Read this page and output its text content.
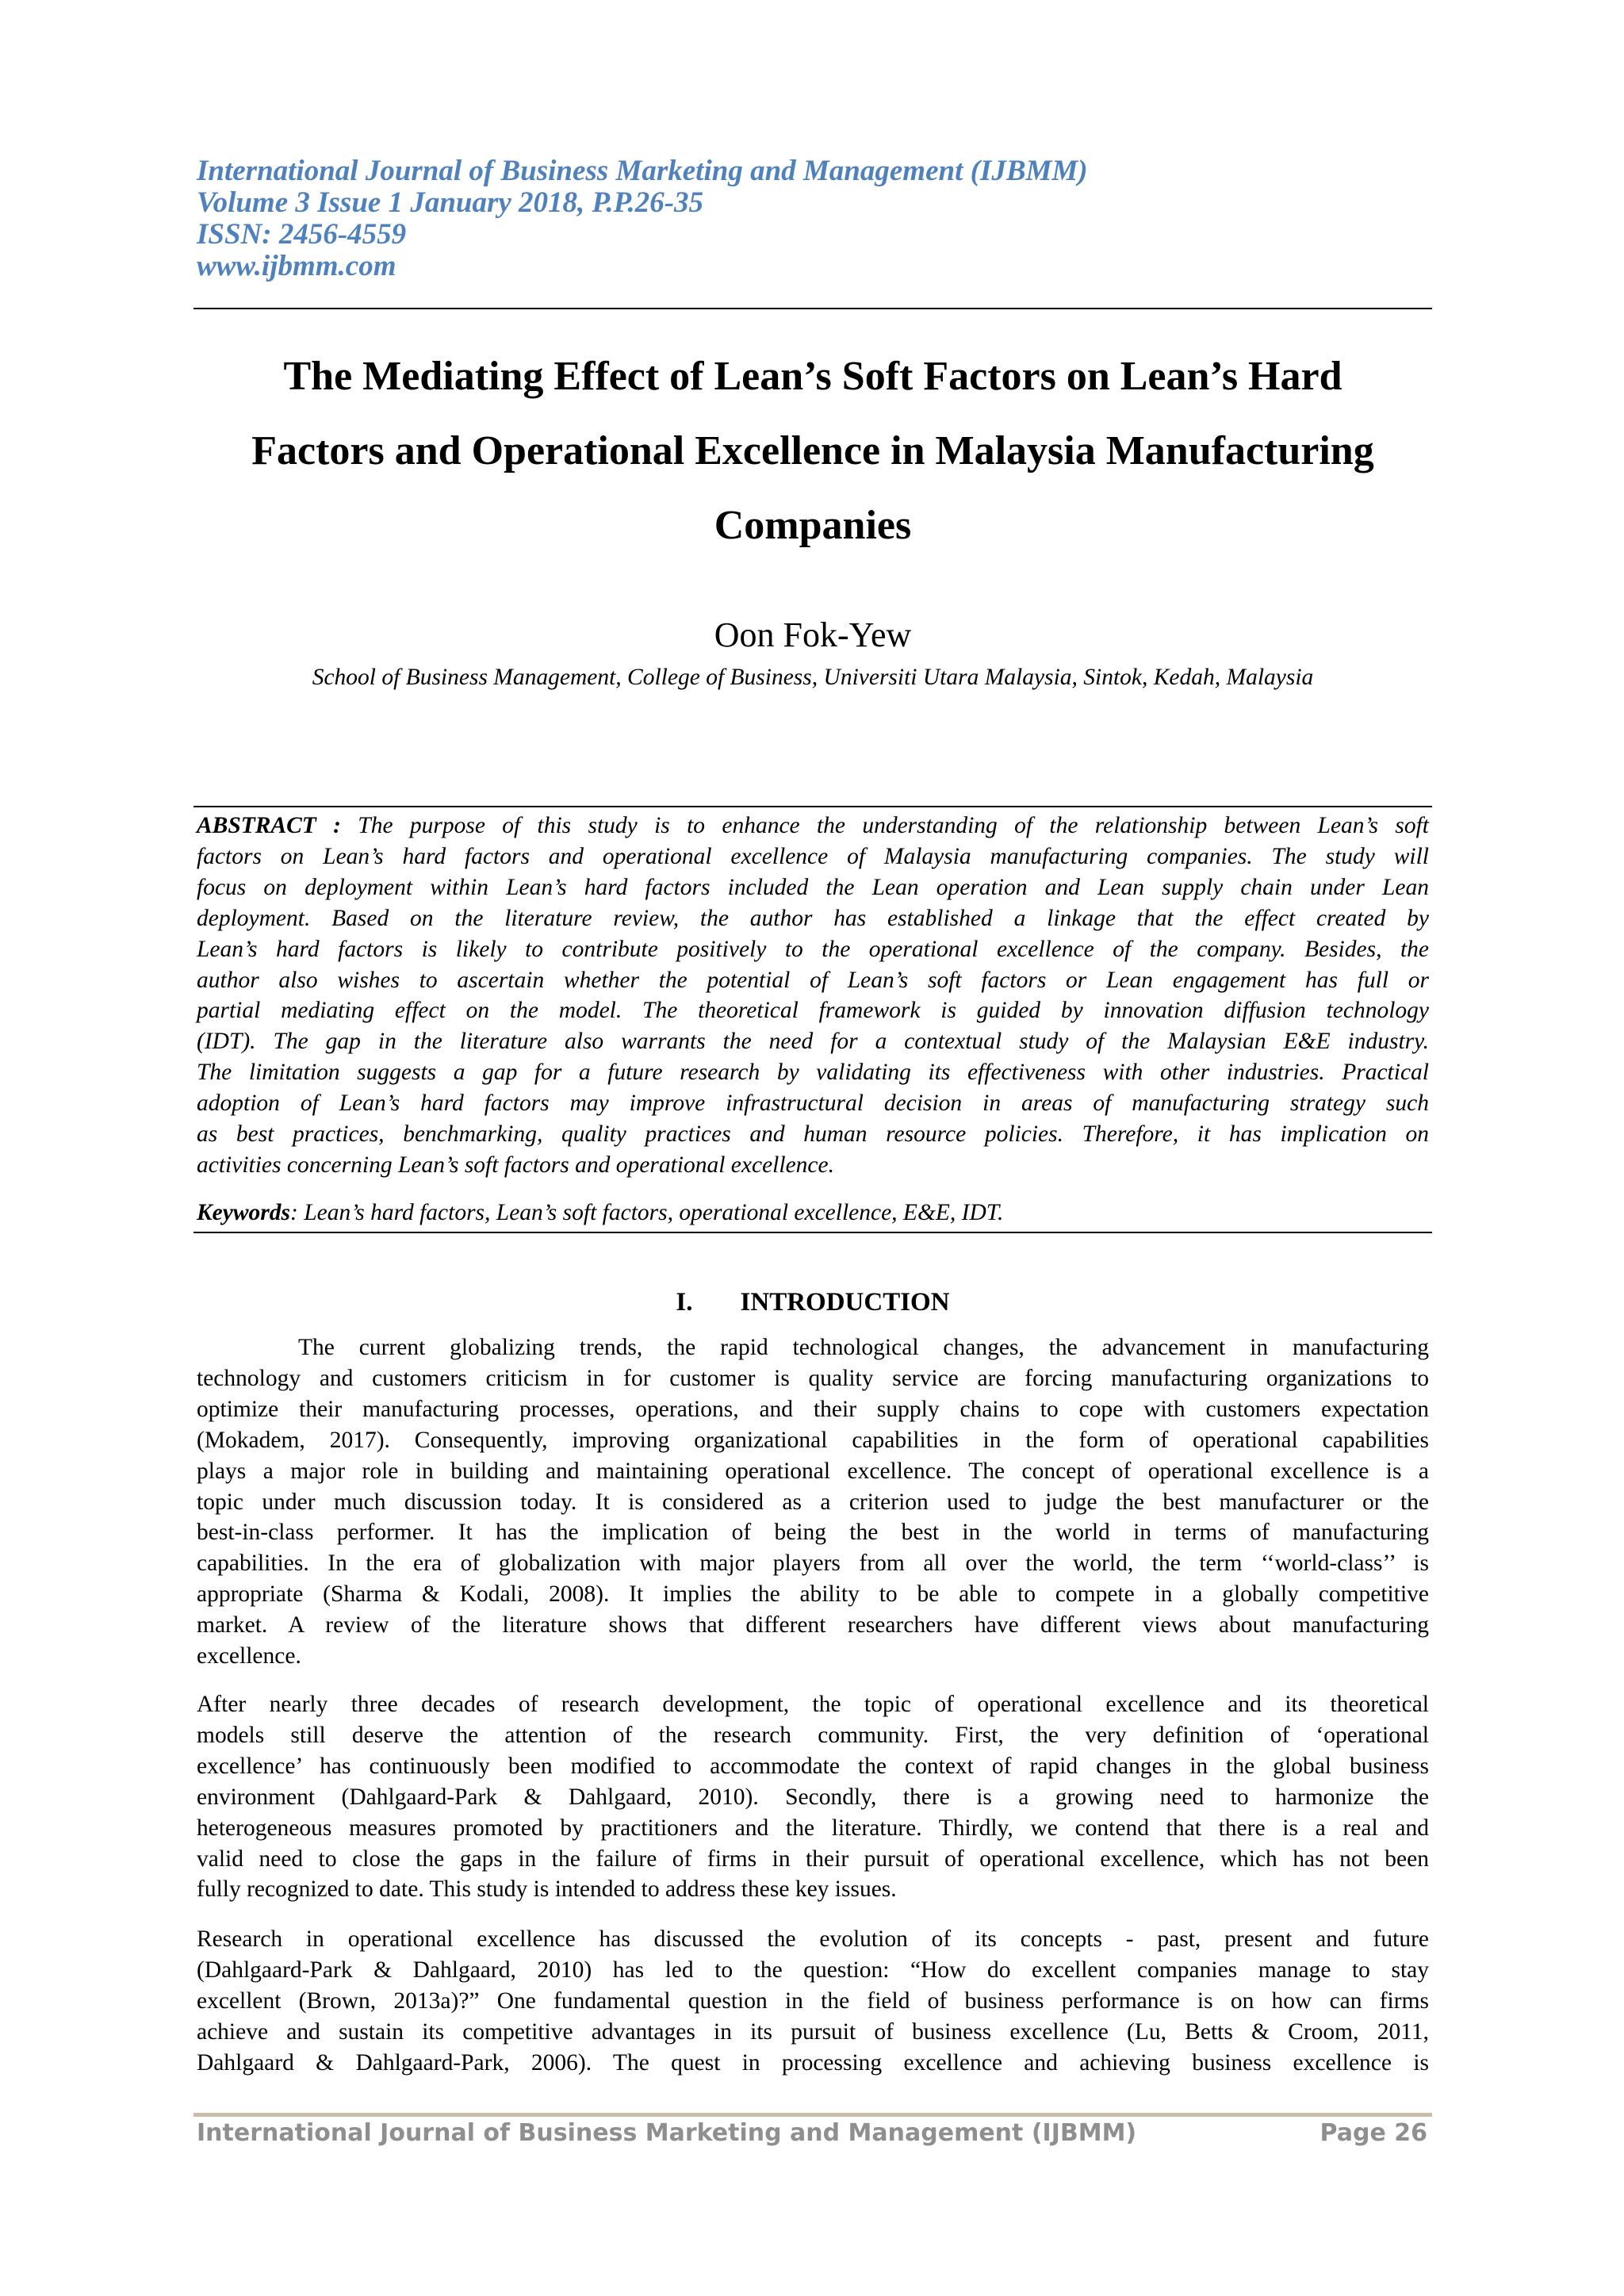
International Journal of Business Marketing and Management (IJBMM)
Volume 3 Issue 1 January 2018, P.P.26-35
ISSN: 2456-4559
www.ijbmm.com
The Mediating Effect of Lean’s Soft Factors on Lean’s Hard
Factors and Operational Excellence in Malaysia Manufacturing
Companies
Oon Fok-Yew
School of Business Management, College of Business, Universiti Utara Malaysia, Sintok, Kedah, Malaysia
ABSTRACT : The purpose of this study is to enhance the understanding of the relationship between Lean’s soft
factors on Lean’s hard factors and operational excellence of Malaysia manufacturing companies. The study will
focus on deployment within Lean’s hard factors included the Lean operation and Lean supply chain under Lean
deployment. Based on the literature review, the author has established a linkage that the effect created by
Lean’s hard factors is likely to contribute positively to the operational excellence of the company. Besides, the
author also wishes to ascertain whether the potential of Lean’s soft factors or Lean engagement has full or
partial mediating effect on the model. The theoretical framework is guided by innovation diffusion technology
(IDT). The gap in the literature also warrants the need for a contextual study of the Malaysian E&E industry.
The limitation suggests a gap for a future research by validating its effectiveness with other industries. Practical
adoption of Lean’s hard factors may improve infrastructural decision in areas of manufacturing strategy such
as best practices, benchmarking, quality practices and human resource policies. Therefore, it has implication on
activities concerning Lean’s soft factors and operational excellence.
Keywords: Lean’s hard factors, Lean’s soft factors, operational excellence, E&E, IDT.
I. INTRODUCTION
The current globalizing trends, the rapid technological changes, the advancement in manufacturing
technology and customers criticism in for customer is quality service are forcing manufacturing organizations to
optimize their manufacturing processes, operations, and their supply chains to cope with customers expectation
(Mokadem, 2017). Consequently, improving organizational capabilities in the form of operational capabilities
plays a major role in building and maintaining operational excellence. The concept of operational excellence is a
topic under much discussion today. It is considered as a criterion used to judge the best manufacturer or the
best-in-class performer. It has the implication of being the best in the world in terms of manufacturing
capabilities. In the era of globalization with major players from all over the world, the term ‘‘world-class’’ is
appropriate (Sharma & Kodali, 2008). It implies the ability to be able to compete in a globally competitive
market. A review of the literature shows that different researchers have different views about manufacturing
excellence.
After nearly three decades of research development, the topic of operational excellence and its theoretical
models still deserve the attention of the research community. First, the very definition of ‘operational
excellence’ has continuously been modified to accommodate the context of rapid changes in the global business
environment (Dahlgaard-Park & Dahlgaard, 2010). Secondly, there is a growing need to harmonize the
heterogeneous measures promoted by practitioners and the literature. Thirdly, we contend that there is a real and
valid need to close the gaps in the failure of firms in their pursuit of operational excellence, which has not been
fully recognized to date. This study is intended to address these key issues.
Research in operational excellence has discussed the evolution of its concepts - past, present and future
(Dahlgaard-Park & Dahlgaard, 2010) has led to the question: “How do excellent companies manage to stay
excellent (Brown, 2013a)?” One fundamental question in the field of business performance is on how can firms
achieve and sustain its competitive advantages in its pursuit of business excellence (Lu, Betts & Croom, 2011,
Dahlgaard & Dahlgaard-Park, 2006). The quest in processing excellence and achieving business excellence is
International Journal of Business Marketing and Management (IJBMM)	Page 26
